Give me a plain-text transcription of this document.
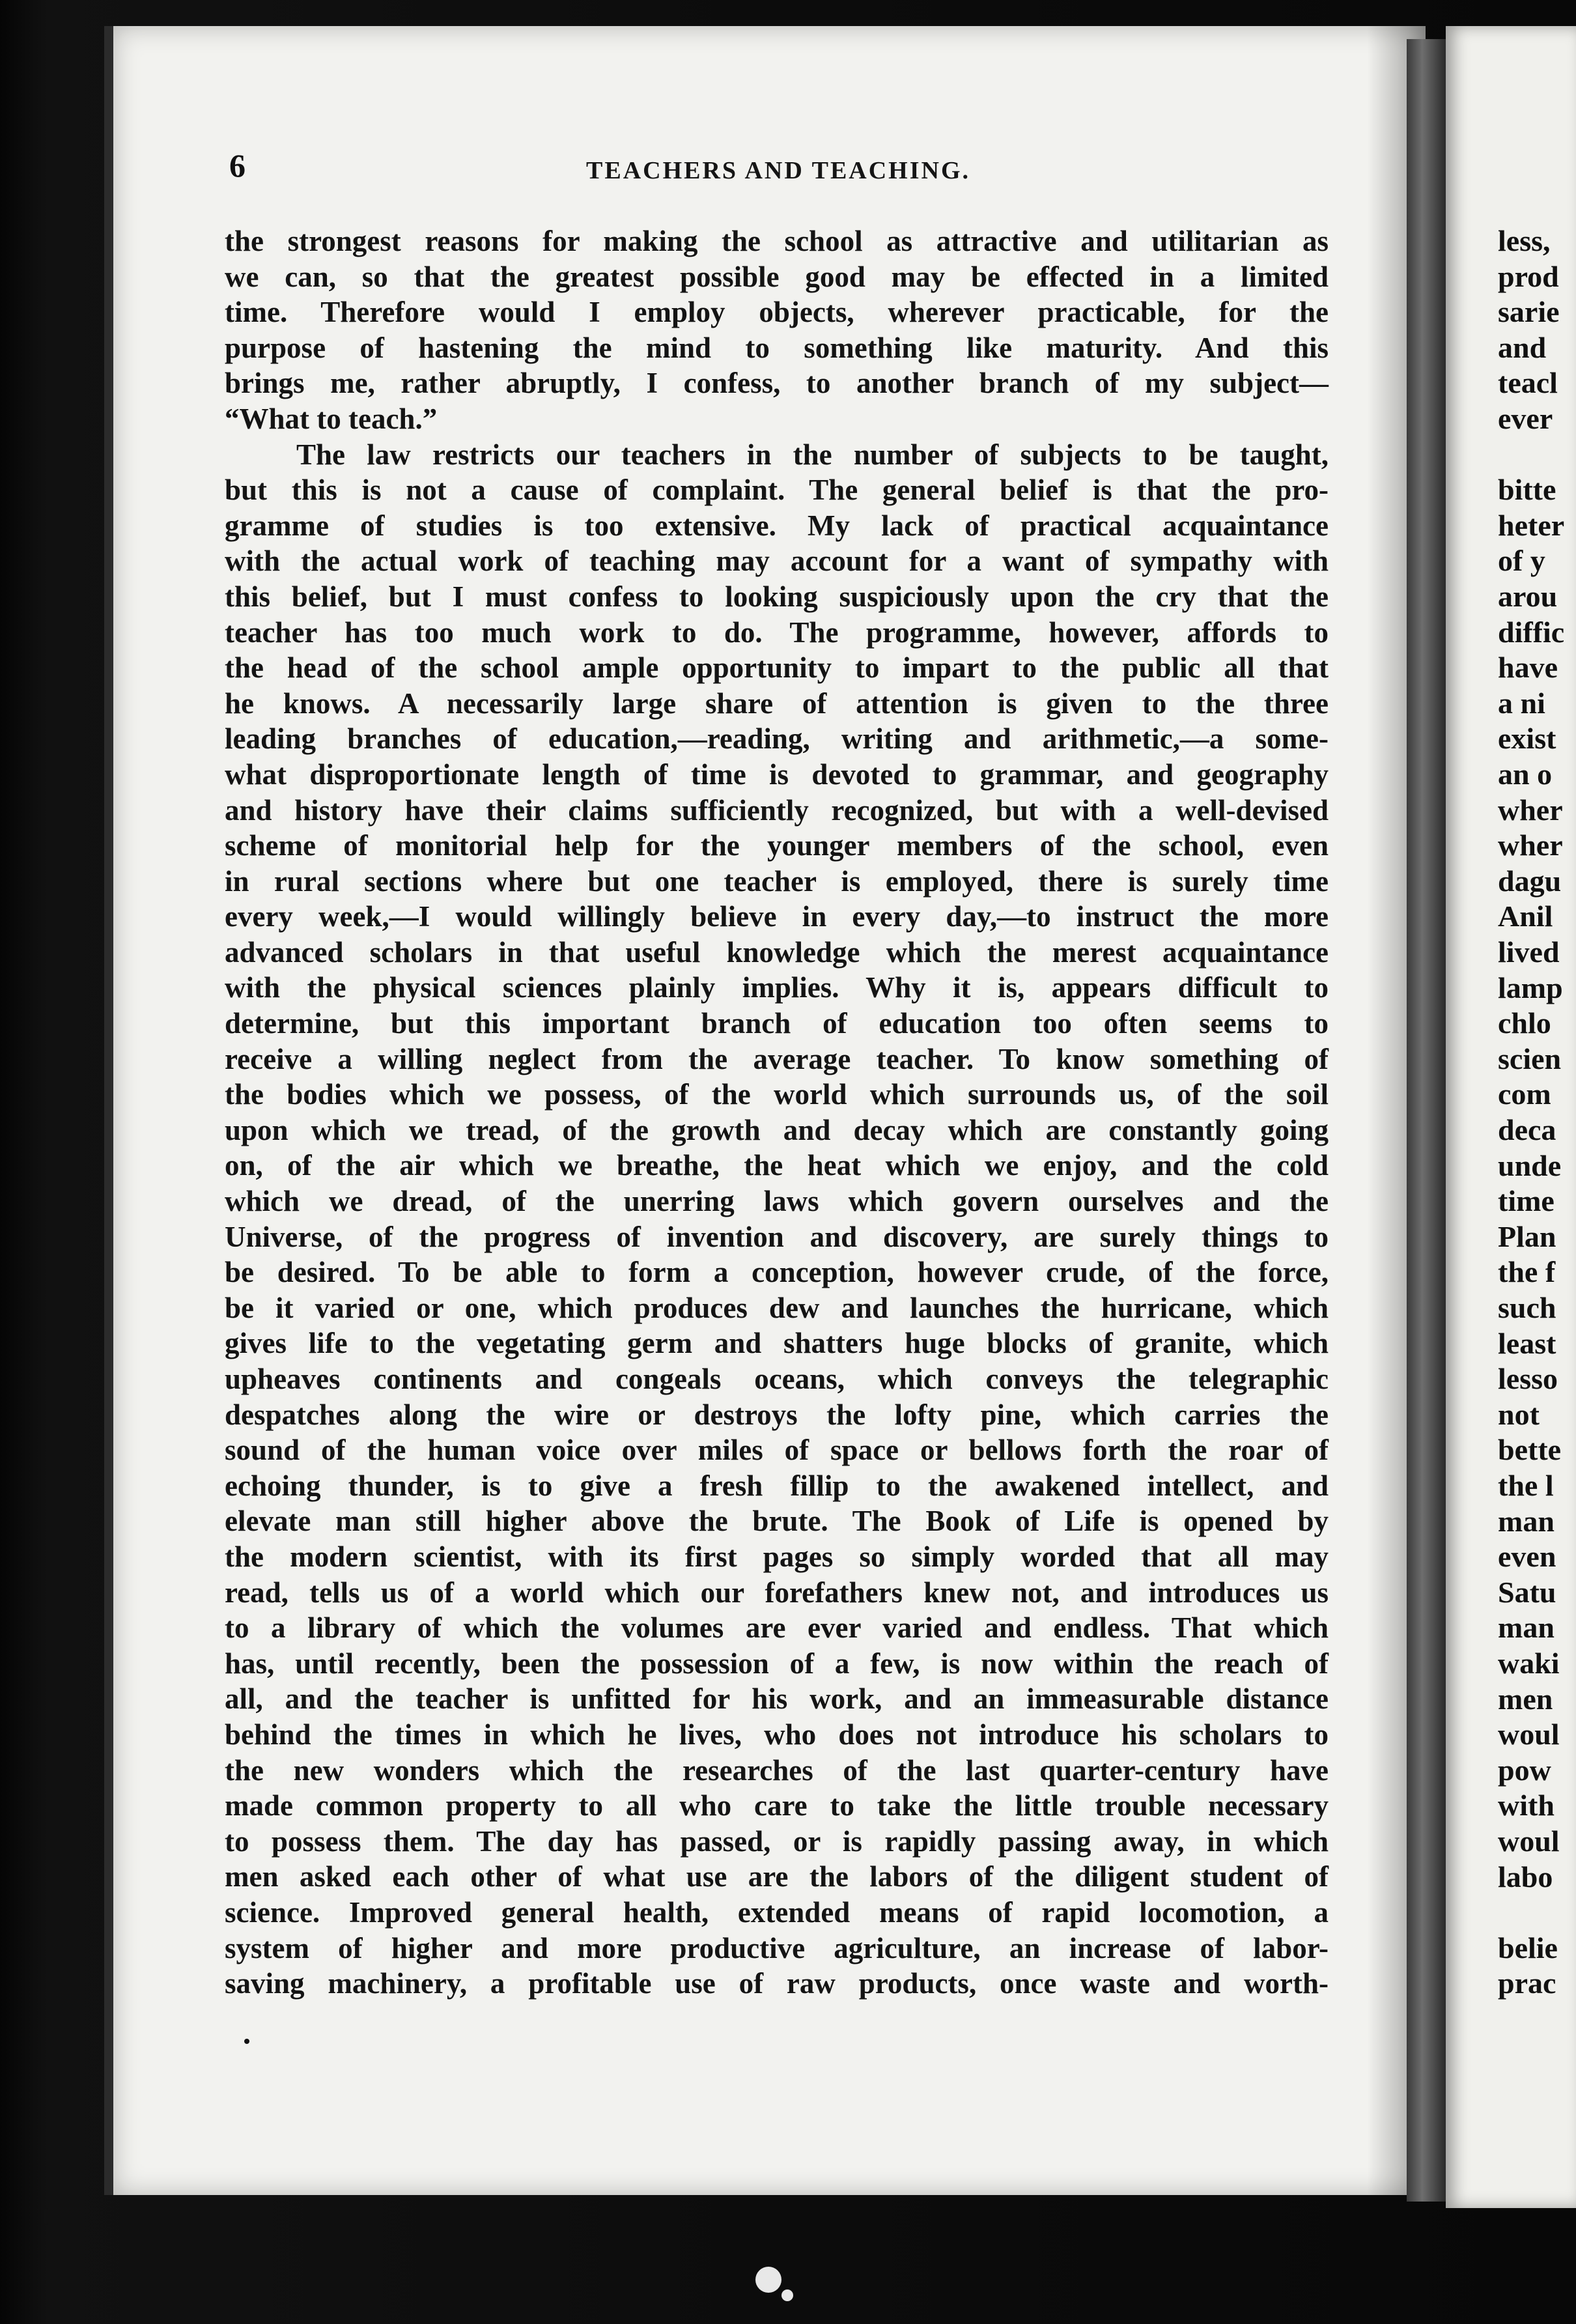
less,
prod
sarie
and
teacl
ever
bitte
heter
of y
arou
diffic
have
a ni
exist
an o
wher
wher
dagu
Anil
lived
lamp
chlo
scien
com
deca
unde
time
Plan
the f
such
least
lesso
not
bette
the l
man
even
Satu
man
waki
men
woul
pow
with
woul
labo
belie
prac
6	TEACHERS AND TEACHING.
the strongest reasons for making the school as attractive and utilitarian as
we can, so that the greatest possible good may be effected in a limited
time. Therefore would I employ objects, wherever practicable, for the
purpose of hastening the mind to something like maturity. And this
brings me, rather abruptly, I confess, to another branch of my subject—
“What to teach.”
The law restricts our teachers in the number of subjects to be taught,
but this is not a cause of complaint. The general belief is that the pro-
gramme of studies is too extensive. My lack of practical acquaintance
with the actual work of teaching may account for a want of sympathy with
this belief, but I must confess to looking suspiciously upon the cry that the
teacher has too much work to do. The programme, however, affords to
the head of the school ample opportunity to impart to the public all that
he knows. A necessarily large share of attention is given to the three
leading branches of education,—reading, writing and arithmetic,—a some-
what disproportionate length of time is devoted to grammar, and geography
and history have their claims sufficiently recognized, but with a well-devised
scheme of monitorial help for the younger members of the school, even
in rural sections where but one teacher is employed, there is surely time
every week,—I would willingly believe in every day,—to instruct the more
advanced scholars in that useful knowledge which the merest acquaintance
with the physical sciences plainly implies. Why it is, appears difficult to
determine, but this important branch of education too often seems to
receive a willing neglect from the average teacher. To know something of
the bodies which we possess, of the world which surrounds us, of the soil
upon which we tread, of the growth and decay which are constantly going
on, of the air which we breathe, the heat which we enjoy, and the cold
which we dread, of the unerring laws which govern ourselves and the
Universe, of the progress of invention and discovery, are surely things to
be desired. To be able to form a conception, however crude, of the force,
be it varied or one, which produces dew and launches the hurricane, which
gives life to the vegetating germ and shatters huge blocks of granite, which
upheaves continents and congeals oceans, which conveys the telegraphic
despatches along the wire or destroys the lofty pine, which carries the
sound of the human voice over miles of space or bellows forth the roar of
echoing thunder, is to give a fresh fillip to the awakened intellect, and
elevate man still higher above the brute. The Book of Life is opened by
the modern scientist, with its first pages so simply worded that all may
read, tells us of a world which our forefathers knew not, and introduces us
to a library of which the volumes are ever varied and endless. That which
has, until recently, been the possession of a few, is now within the reach of
all, and the teacher is unfitted for his work, and an immeasurable distance
behind the times in which he lives, who does not introduce his scholars to
the new wonders which the researches of the last quarter-century have
made common property to all who care to take the little trouble necessary
to possess them. The day has passed, or is rapidly passing away, in which
men asked each other of what use are the labors of the diligent student of
science. Improved general health, extended means of rapid locomotion, a
system of higher and more productive agriculture, an increase of labor-
saving machinery, a profitable use of raw products, once waste and worth-
